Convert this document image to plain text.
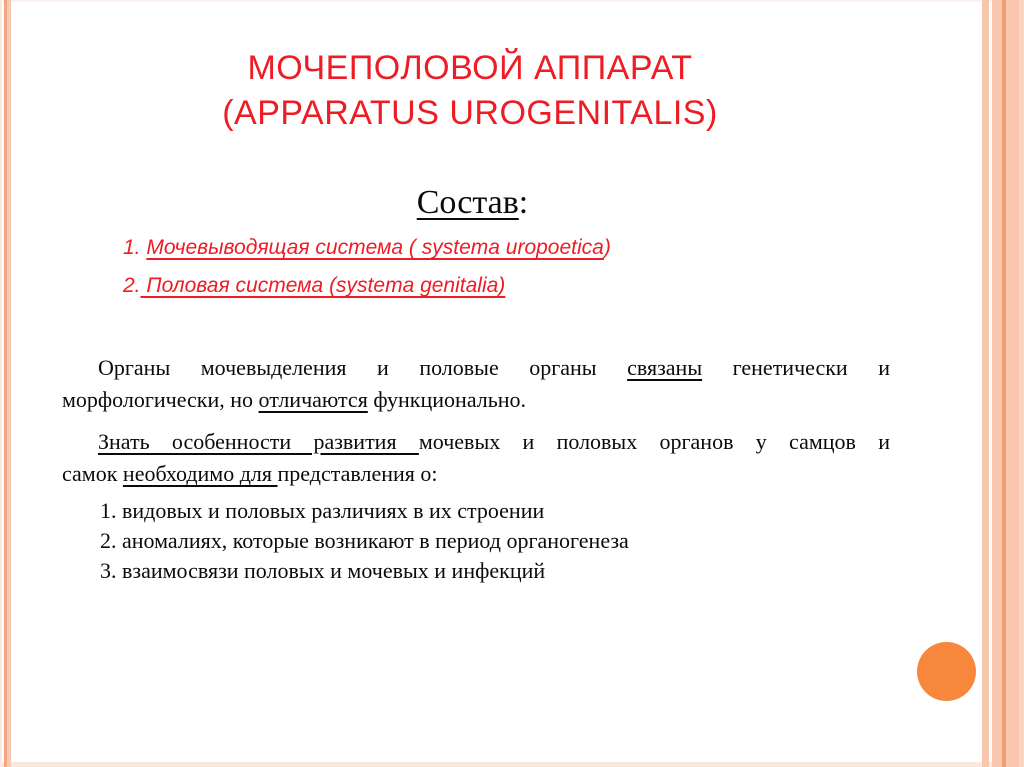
МОЧЕПОЛОВОЙ АППАРАТ
(APPARATUS UROGENITALIS)
Состав:
1. Мочевыводящая система ( systema uropoetica)
2. Половая система (systema genitalia)
Органы мочевыделения и половые органы связаны генетически и
морфологически, но отличаются функционально.
Знать особенности развития мочевых и половых органов у самцов и
самок необходимо для представления о:
1. видовых и половых различиях в их строении
2. аномалиях, которые возникают в период органогенеза
3. взаимосвязи половых и мочевых и инфекций
